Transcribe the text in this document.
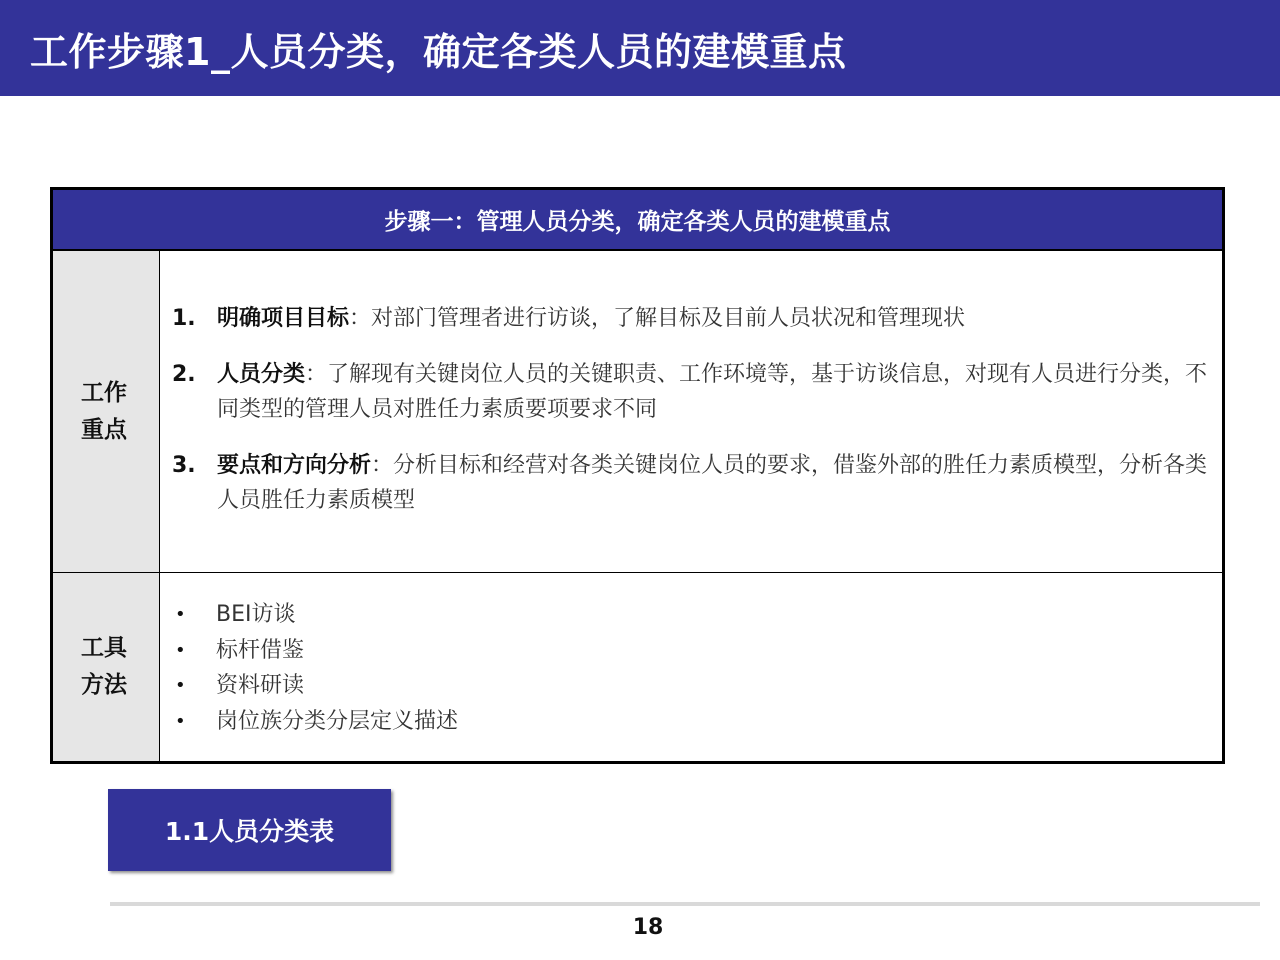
工作步骤1_人员分类，确定各类人员的建模重点
步骤一：管理人员分类，确定各类人员的建模重点
工作
重点
1. 明确项目目标：对部门管理者进行访谈，了解目标及目前人员状况和管理现状
2. 人员分类：了解现有关键岗位人员的关键职责、工作环境等，基于访谈信息，对现有人员进行分类，不同类型的管理人员对胜任力素质要项要求不同
3. 要点和方向分析：分析目标和经营对各类关键岗位人员的要求，借鉴外部的胜任力素质模型，分析各类人员胜任力素质模型
工具
方法
• BEI访谈
• 标杆借鉴
• 资料研读
• 岗位族分类分层定义描述
1.1人员分类表
18
